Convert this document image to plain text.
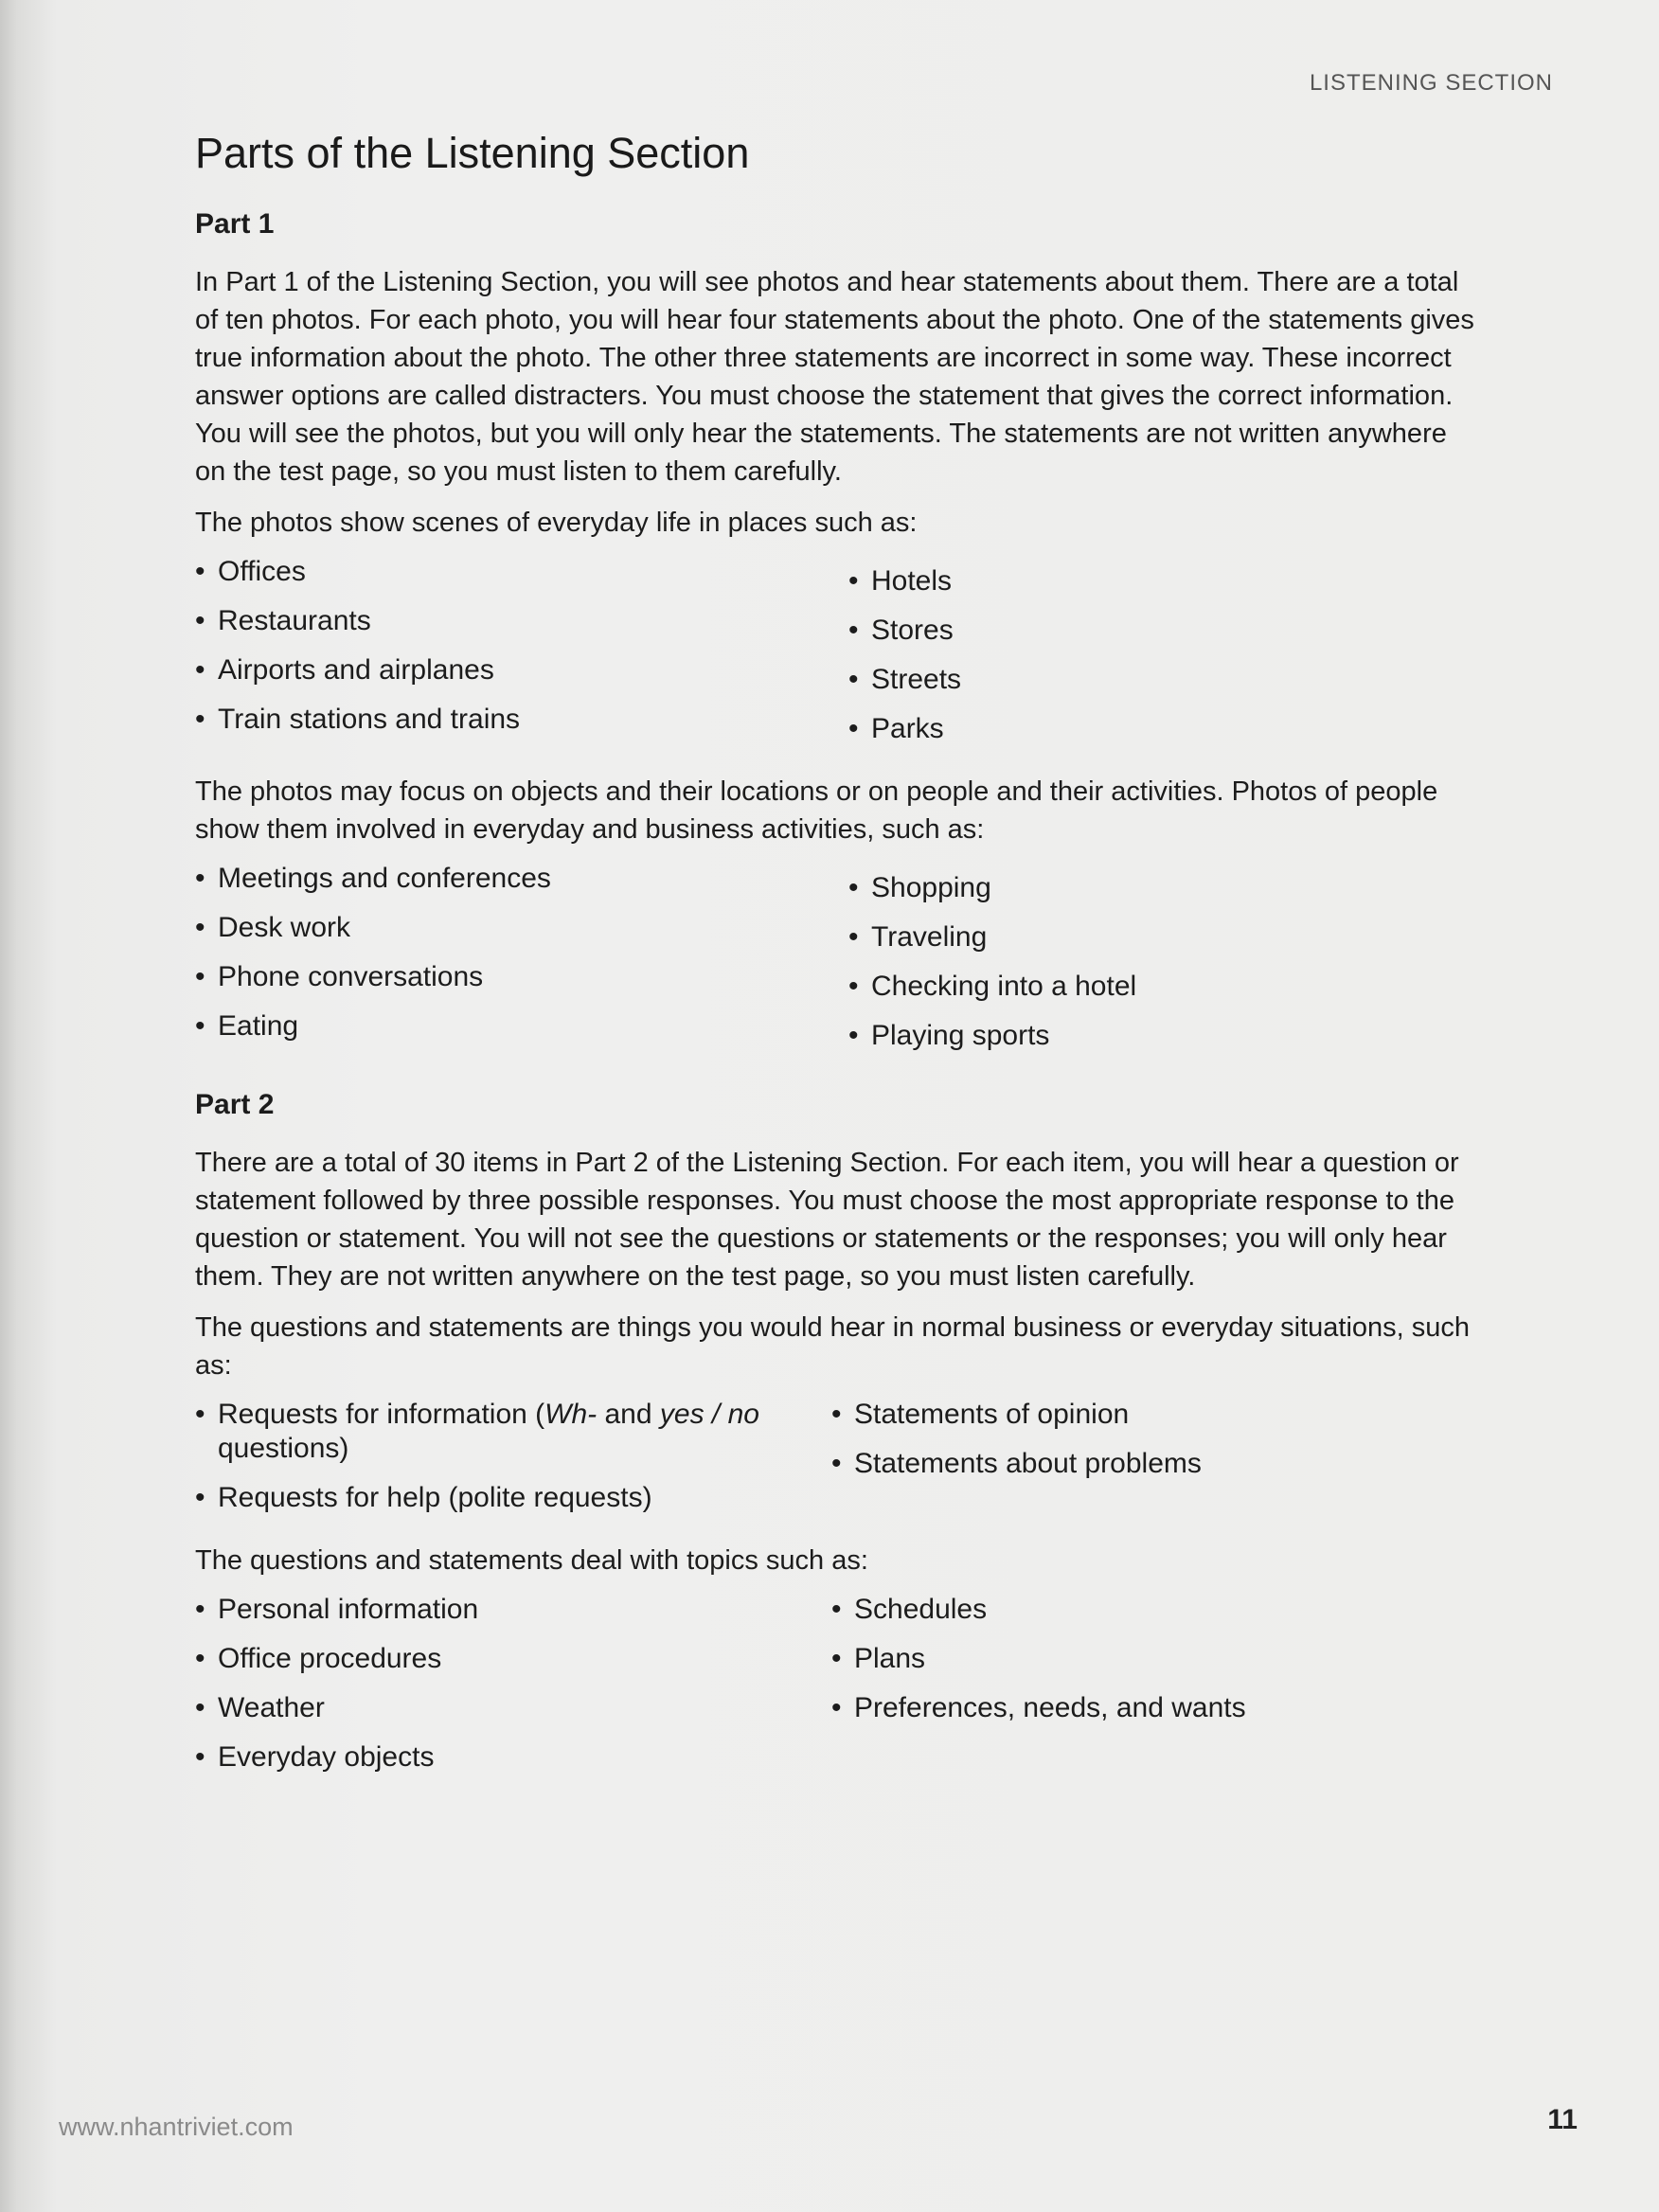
LISTENING SECTION
Parts of the Listening Section
Part 1

In Part 1 of the Listening Section, you will see photos and hear statements about them. There are a total of ten photos. For each photo, you will hear four statements about the photo. One of the statements gives true information about the photo. The other three statements are incorrect in some way. These incorrect answer options are called distracters. You must choose the statement that gives the correct information. You will see the photos, but you will only hear the statements. The statements are not written anywhere on the test page, so you must listen to them carefully.

The photos show scenes of everyday life in places such as:

• Offices
• Restaurants
• Airports and airplanes
• Train stations and trains
• Hotels
• Stores
• Streets
• Parks

The photos may focus on objects and their locations or on people and their activities. Photos of people show them involved in everyday and business activities, such as:

• Meetings and conferences
• Desk work
• Phone conversations
• Eating
• Shopping
• Traveling
• Checking into a hotel
• Playing sports
Part 2

There are a total of 30 items in Part 2 of the Listening Section. For each item, you will hear a question or statement followed by three possible responses. You must choose the most appropriate response to the question or statement. You will not see the questions or statements or the responses; you will only hear them. They are not written anywhere on the test page, so you must listen carefully.

The questions and statements are things you would hear in normal business or everyday situations, such as:

• Requests for information (Wh- and yes / no questions)
• Requests for help (polite requests)
• Statements of opinion
• Statements about problems

The questions and statements deal with topics such as:

• Personal information
• Office procedures
• Weather
• Everyday objects
• Schedules
• Plans
• Preferences, needs, and wants
www.nhantriviet.com	11
